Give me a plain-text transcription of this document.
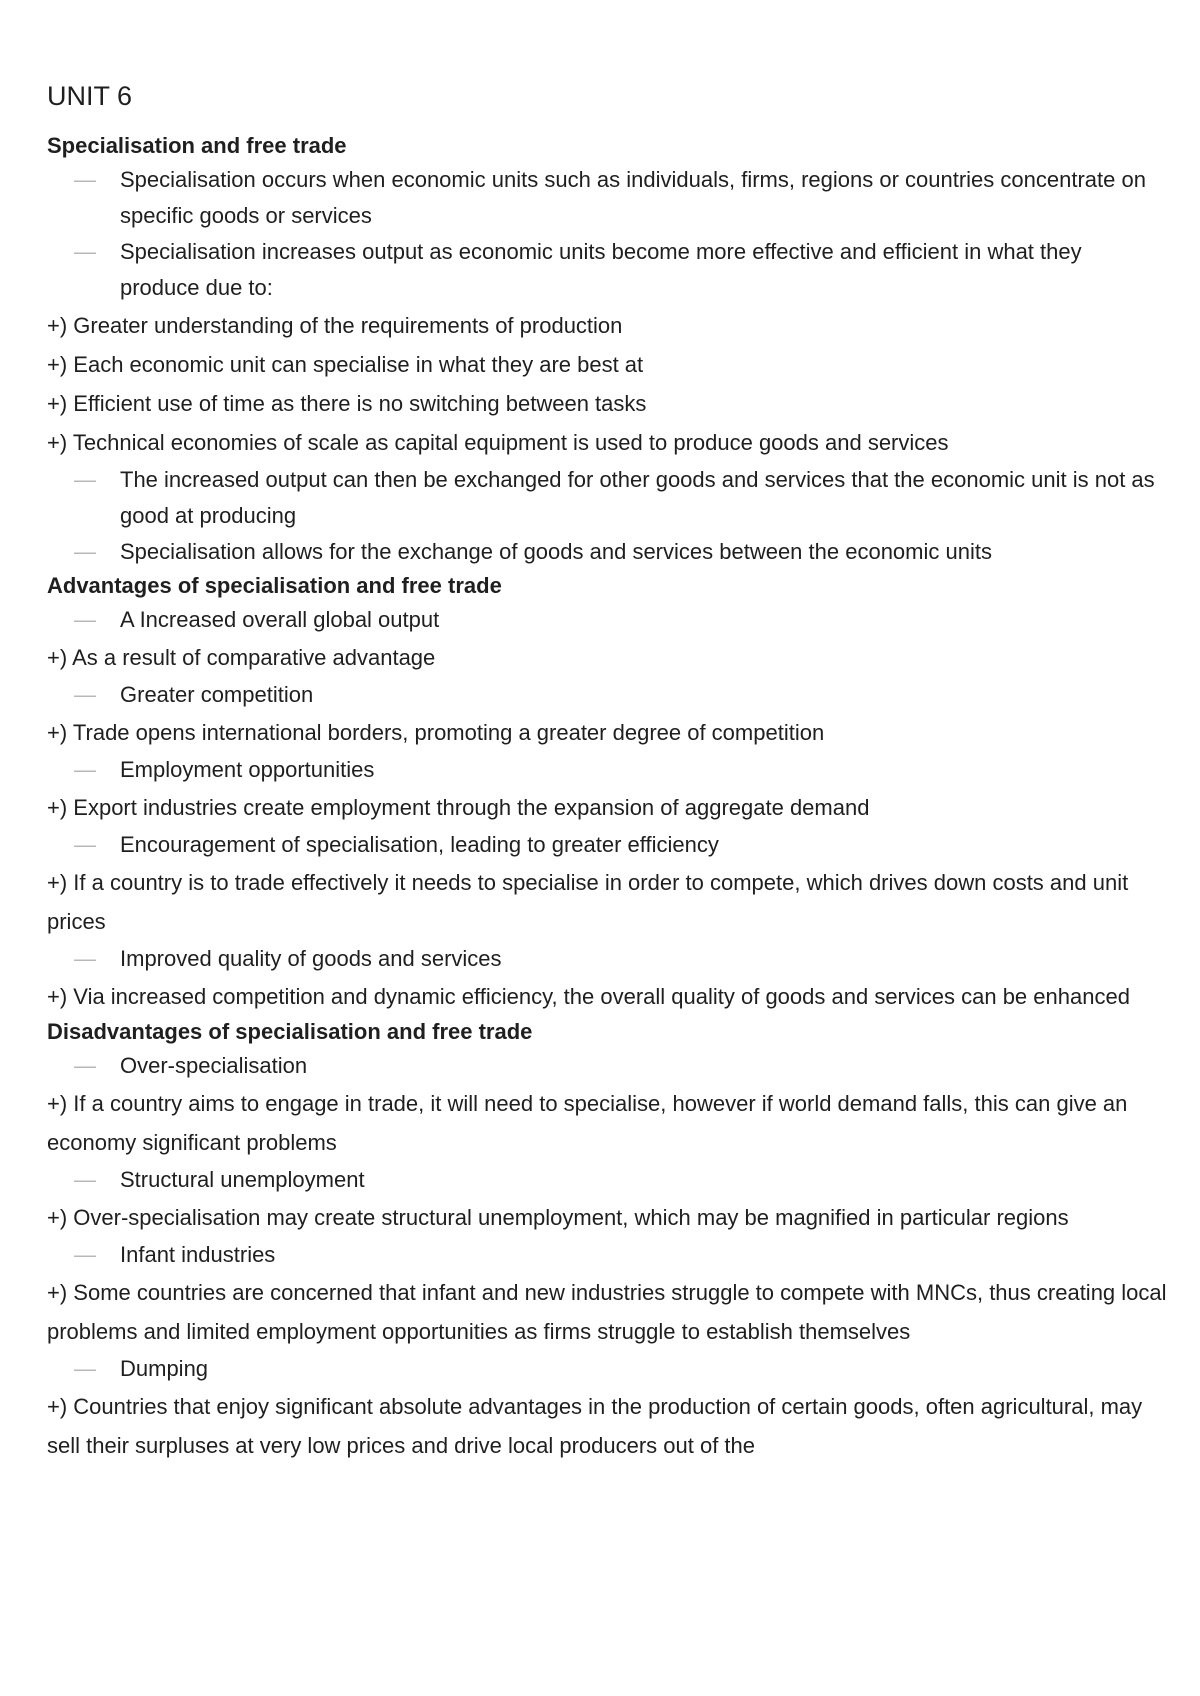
UNIT 6
Specialisation and free trade
— Specialisation occurs when economic units such as individuals, firms, regions or countries concentrate on specific goods or services
— Specialisation increases output as economic units become more effective and efficient in what they produce due to:
+) Greater understanding of the requirements of production
+) Each economic unit can specialise in what they are best at
+) Efficient use of time as there is no switching between tasks
+) Technical economies of scale as capital equipment is used to produce goods and services
— The increased output can then be exchanged for other goods and services that the economic unit is not as good at producing
— Specialisation allows for the exchange of goods and services between the economic units
Advantages of specialisation and free trade
— A Increased overall global output
+) As a result of comparative advantage
— Greater competition
+) Trade opens international borders, promoting a greater degree of competition
— Employment opportunities
+) Export industries create employment through the expansion of aggregate demand
— Encouragement of specialisation, leading to greater efficiency
+) If a country is to trade effectively it needs to specialise in order to compete, which drives down costs and unit prices
— Improved quality of goods and services
+) Via increased competition and dynamic efficiency, the overall quality of goods and services can be enhanced
Disadvantages of specialisation and free trade
— Over-specialisation
+) If a country aims to engage in trade, it will need to specialise, however if world demand falls, this can give an economy significant problems
— Structural unemployment
+) Over-specialisation may create structural unemployment, which may be magnified in particular regions
— Infant industries
+) Some countries are concerned that infant and new industries struggle to compete with MNCs, thus creating local problems and limited employment opportunities as firms struggle to establish themselves
— Dumping
+) Countries that enjoy significant absolute advantages in the production of certain goods, often agricultural, may sell their surpluses at very low prices and drive local producers out of the
